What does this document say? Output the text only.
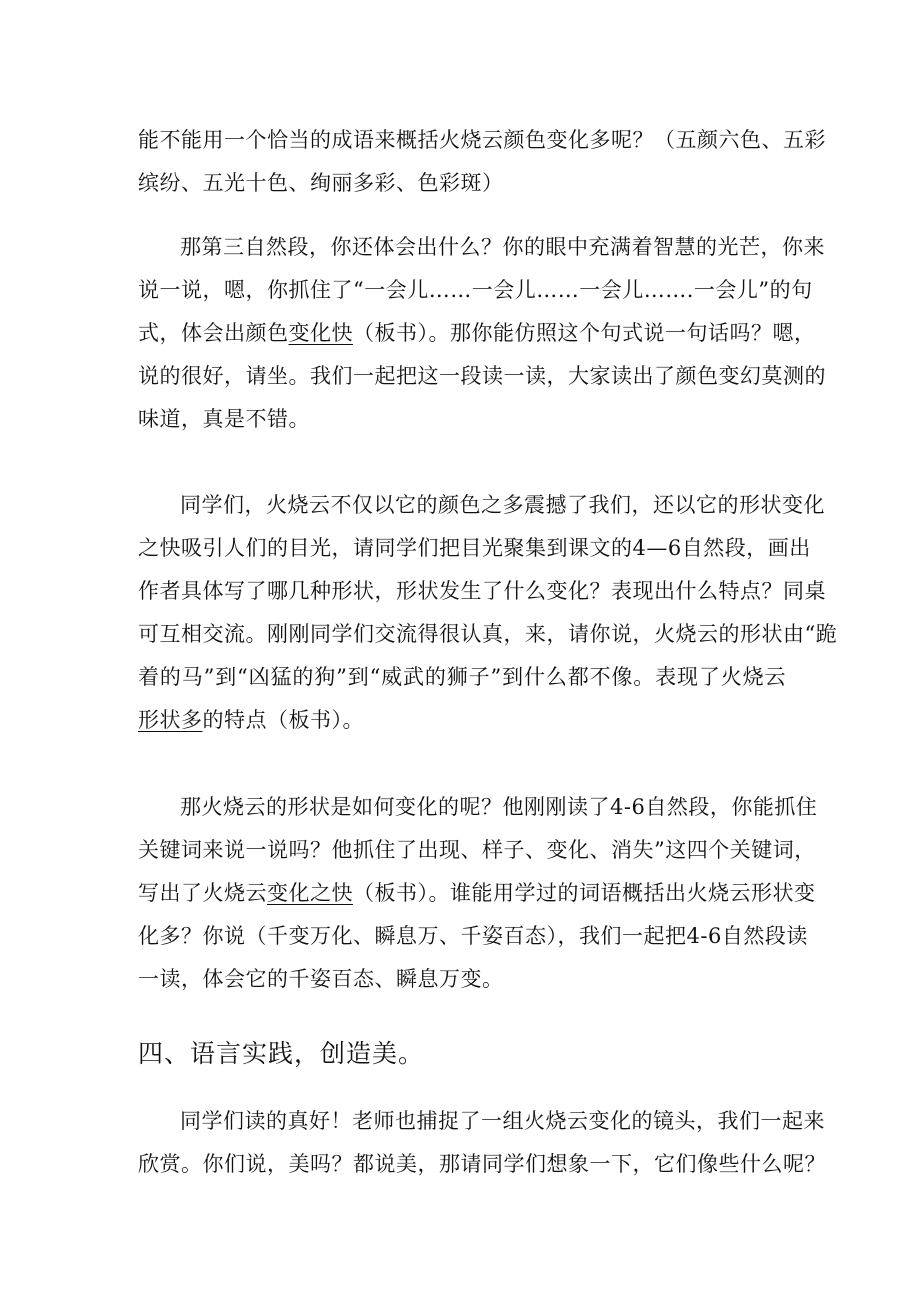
能不能用一个恰当的成语来概括火烧云颜色变化多呢？（五颜六色、五彩
缤纷、五光十色、绚丽多彩、色彩斑）

那第三自然段，你还体会出什么？你的眼中充满着智慧的光芒，你来
说一说，嗯，你抓住了“一会儿……一会儿……一会儿…….一会儿”的句
式，体会出颜色变化快（板书）。那你能仿照这个句式说一句话吗？嗯，
说的很好，请坐。我们一起把这一段读一读，大家读出了颜色变幻莫测的
味道，真是不错。

同学们，火烧云不仅以它的颜色之多震撼了我们，还以它的形状变化
之快吸引人们的目光，请同学们把目光聚集到课文的4—6自然段，画出
作者具体写了哪几种形状，形状发生了什么变化？表现出什么特点？同桌
可互相交流。刚刚同学们交流得很认真，来，请你说，火烧云的形状由“跪
着的马”到“凶猛的狗”到“威武的狮子”到什么都不像。表现了火烧云
形状多的特点（板书）。

那火烧云的形状是如何变化的呢？他刚刚读了4-6自然段，你能抓住
关键词来说一说吗？他抓住了出现、样子、变化、消失”这四个关键词，
写出了火烧云变化之快（板书）。谁能用学过的词语概括出火烧云形状变
化多？你说（千变万化、瞬息万、千姿百态），我们一起把4-6自然段读
一读，体会它的千姿百态、瞬息万变。

四、语言实践，创造美。

同学们读的真好！老师也捕捉了一组火烧云变化的镜头，我们一起来
欣赏。你们说，美吗？都说美，那请同学们想象一下，它们像些什么呢？
